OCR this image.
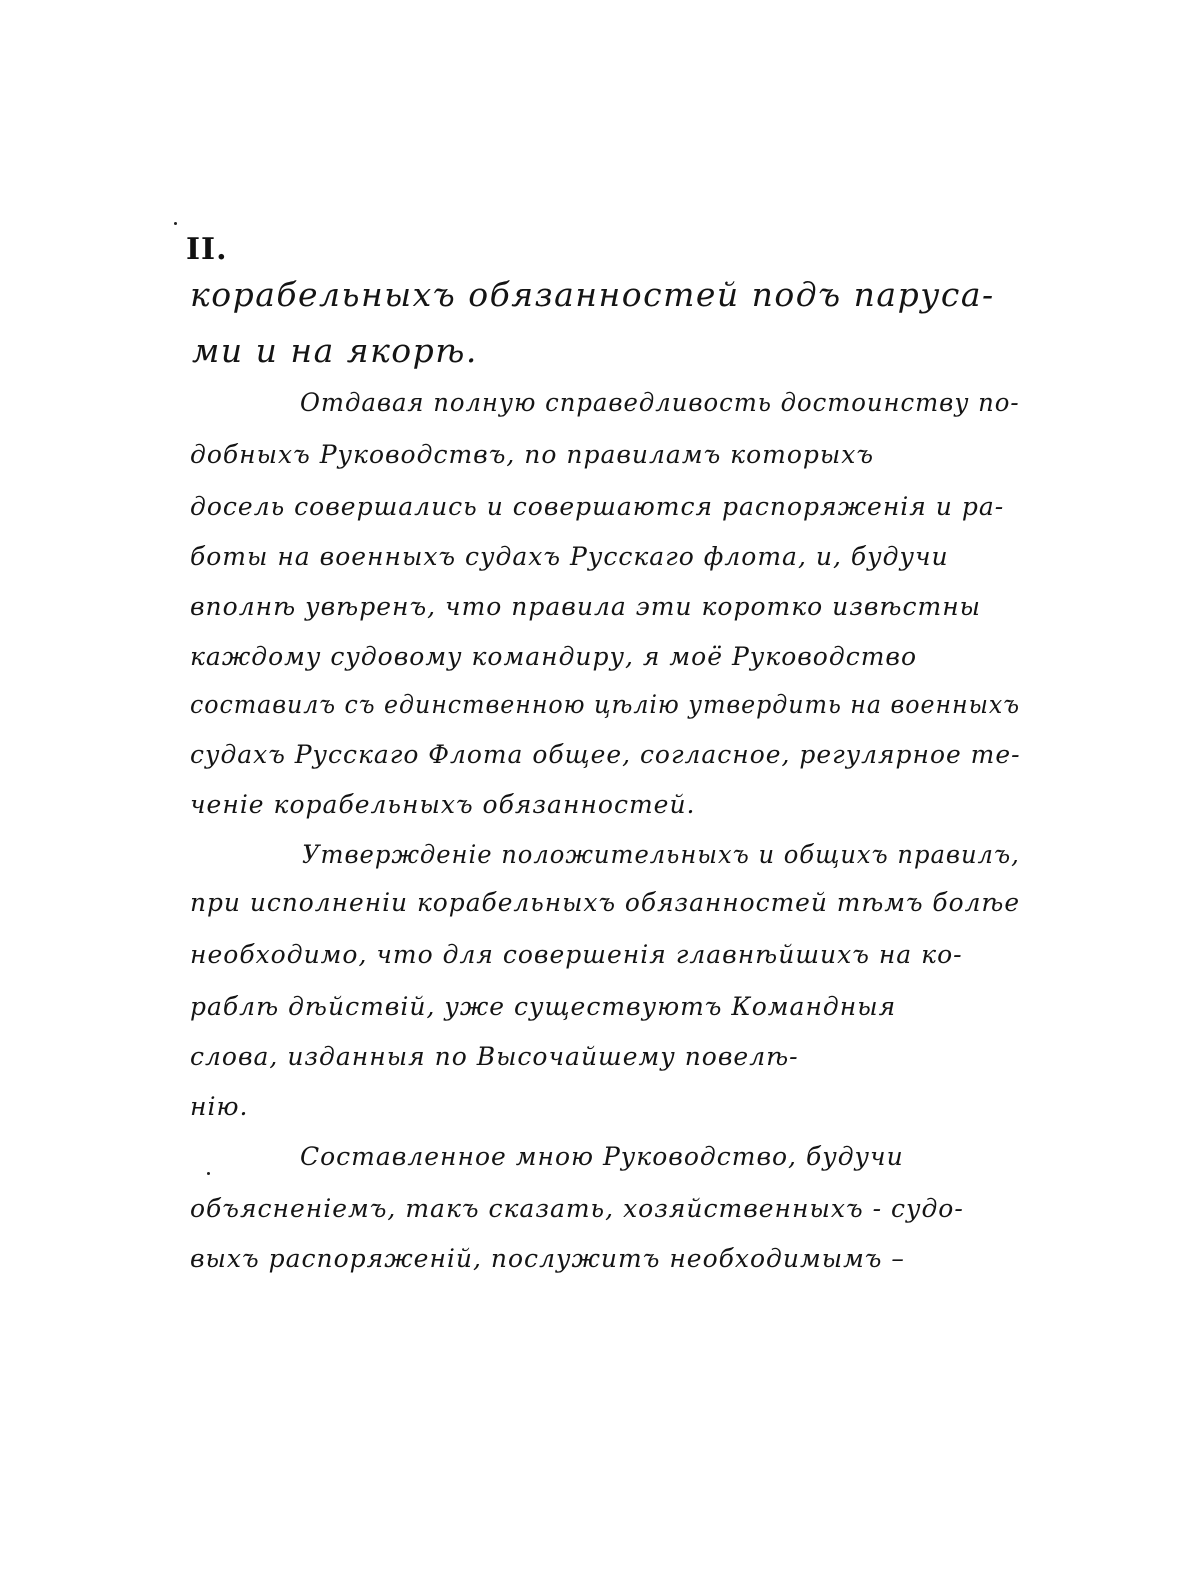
II.
корабельныхъ обязанностей подъ паруса-
ми и на якорѣ.
Отдавая полную справедливость достоинству по-
добныхъ Руководствъ, по правиламъ которыхъ
досель совершались и совершаются распоряженія и ра-
боты на военныхъ судахъ Русскаго флота, и, будучи
вполнѣ увѣренъ, что правила эти коротко извѣстны
каждому судовому командиру, я моё Руководство
составилъ съ единственною цѣлію утвердить на военныхъ
судахъ Русскаго Флота общее, согласное, регулярное те-
ченіе корабельныхъ обязанностей.
Утвержденіе положительныхъ и общихъ правилъ,
при исполненіи корабельныхъ обязанностей тѣмъ болѣе
необходимо, что для совершенія главнѣйшихъ на ко-
раблѣ дѣйствій, уже существуютъ Командныя
слова, изданныя по Высочайшему повелѣ-
нію.
Составленное мною Руководство, будучи
объясненіемъ, такъ сказать, хозяйственныхъ - судо-
выхъ распоряженій, послужитъ необходимымъ –
